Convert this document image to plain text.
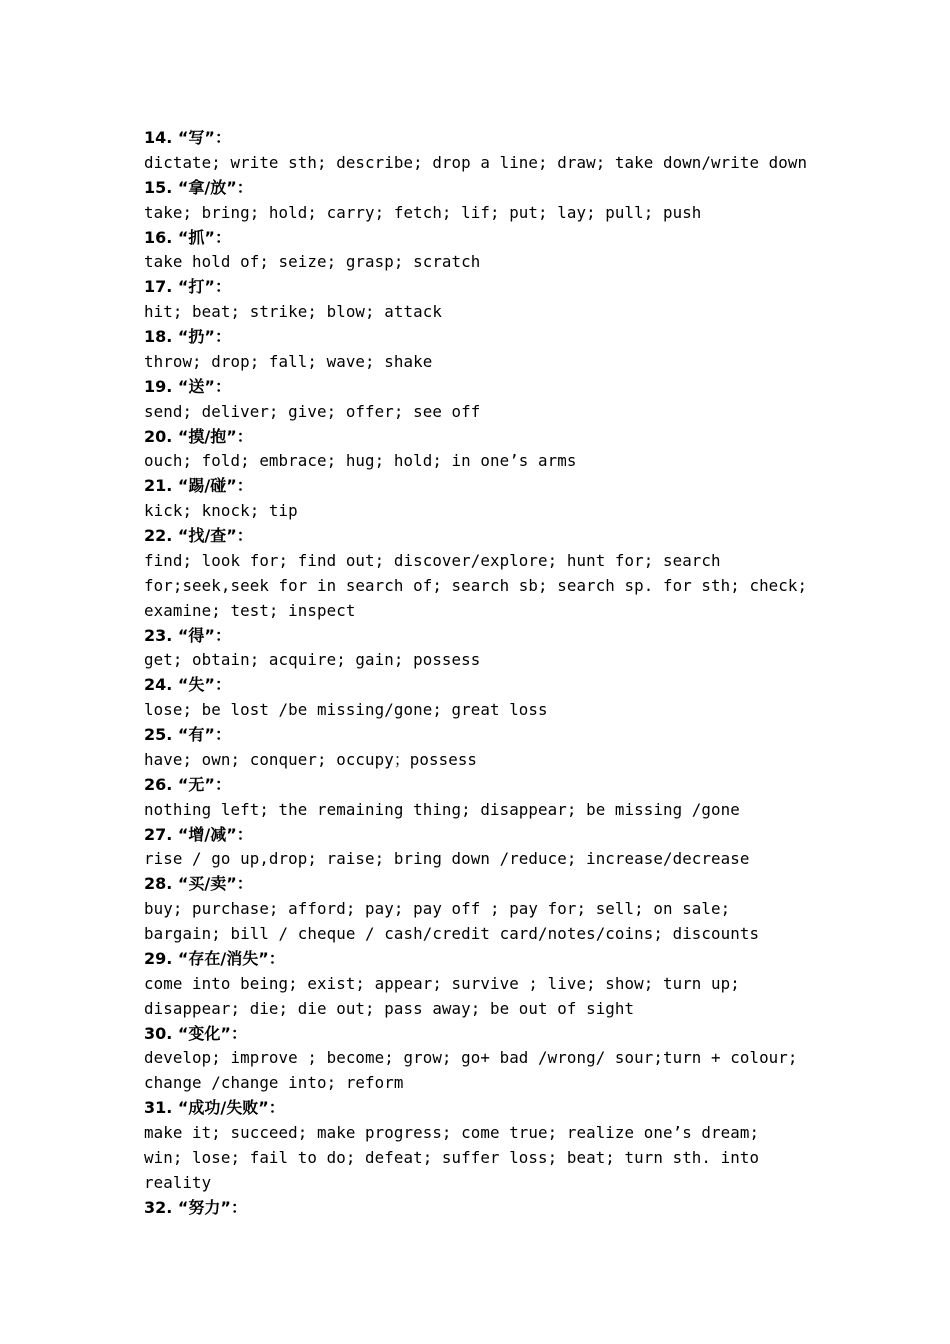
14. “写”：
dictate; write sth; describe; drop a line; draw; take down/write down
15. “拿/放”：
take; bring; hold; carry; fetch; lif; put; lay; pull; push
16. “抓”：
take hold of; seize; grasp; scratch
17. “打”：
hit; beat; strike; blow; attack
18. “扔”：
throw; drop; fall; wave; shake
19. “送”：
send; deliver; give; offer; see off
20. “摸/抱”：
ouch; fold; embrace; hug; hold; in one’s arms
21. “踢/碰”：
kick; knock; tip
22. “找/查”：
find; look for; find out; discover/explore; hunt for; search
for;seek,seek for in search of; search sb; search sp. for sth; check;
examine; test; inspect
23. “得”：
get; obtain; acquire; gain; possess
24. “失”：
lose; be lost /be missing/gone; great loss
25. “有”：
have; own; conquer; occupy；possess
26. “无”：
nothing left; the remaining thing; disappear; be missing /gone
27. “增/减”：
rise / go up,drop; raise; bring down /reduce; increase/decrease
28. “买/卖”：
buy; purchase; afford; pay; pay off ; pay for; sell; on sale;
bargain; bill / cheque / cash/credit card/notes/coins; discounts
29. “存在/消失”：
come into being; exist; appear; survive ; live; show; turn up;
disappear; die; die out; pass away; be out of sight
30. “变化”：
develop; improve ; become; grow; go+ bad /wrong/ sour;turn + colour;
change /change into; reform
31. “成功/失败”：
make it; succeed; make progress; come true; realize one’s dream;
win; lose; fail to do; defeat; suffer loss; beat; turn sth. into
reality
32. “努力”：
